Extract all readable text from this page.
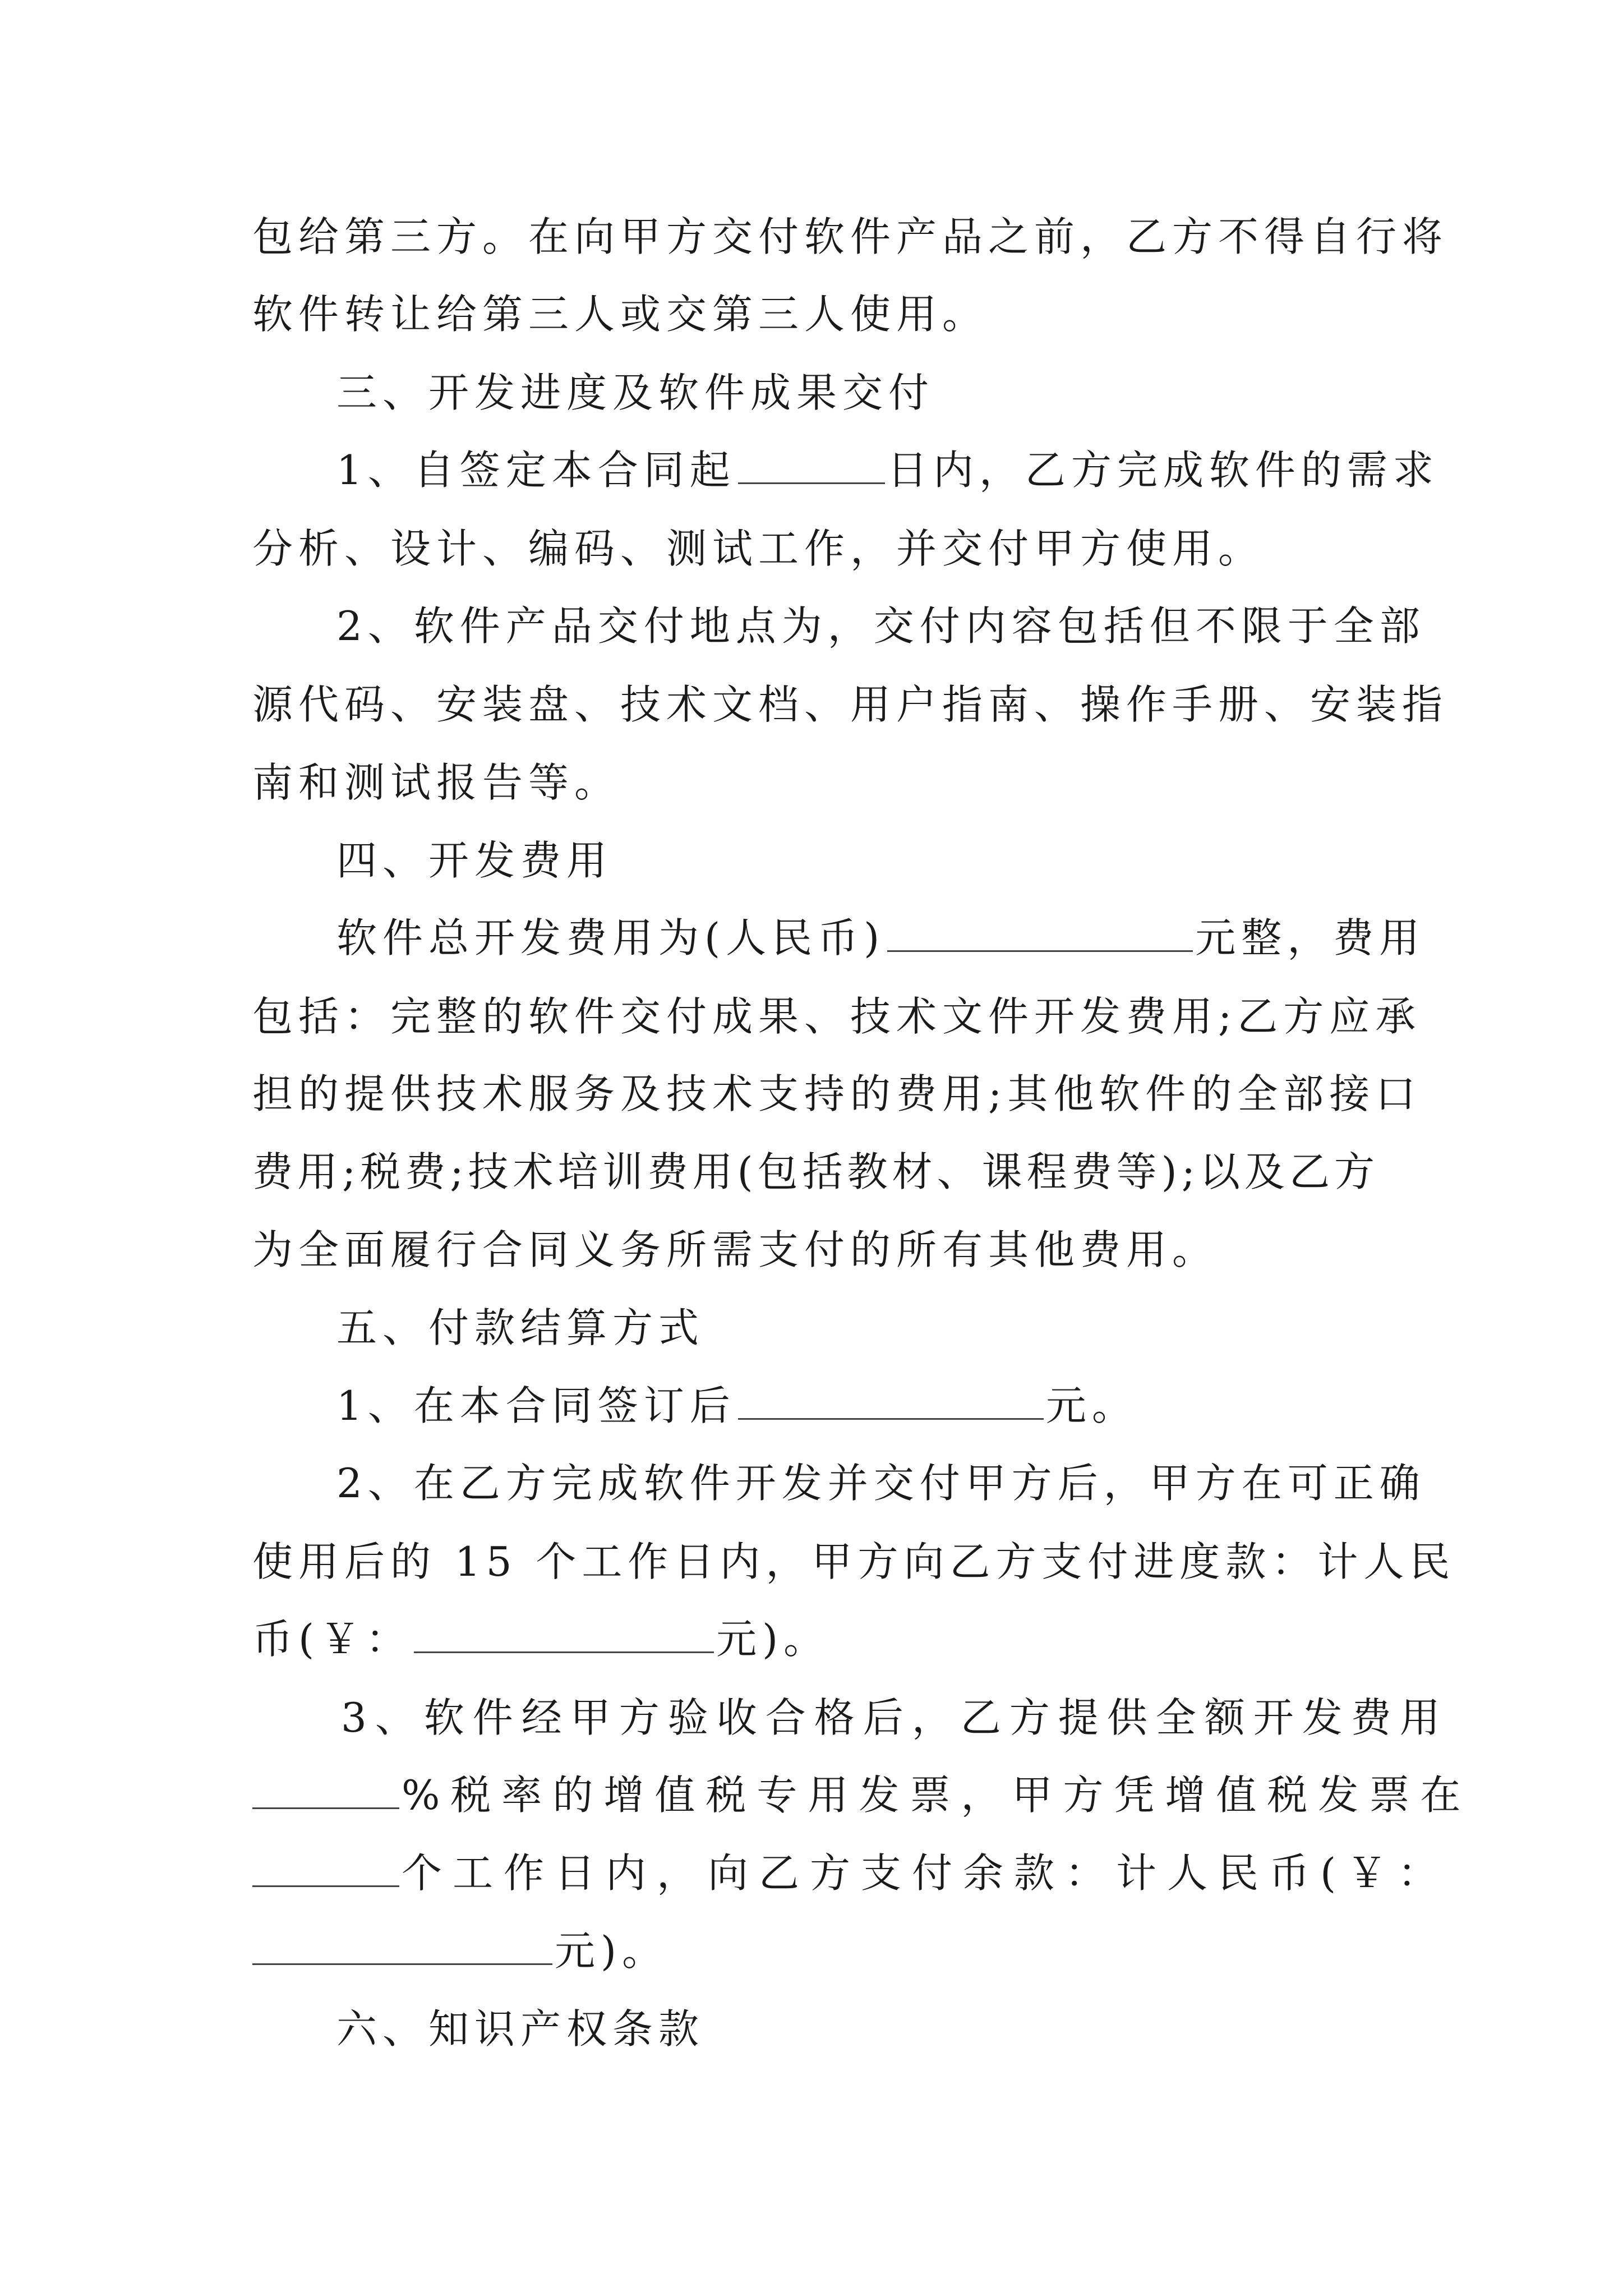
包给第三方。在向甲方交付软件产品之前，乙方不得自行将
软件转让给第三人或交第三人使用。
三、开发进度及软件成果交付
1、自签定本合同起	日内，乙方完成软件的需求
分析、设计、编码、测试工作，并交付甲方使用。
2、软件产品交付地点为，交付内容包括但不限于全部
源代码、安装盘、技术文档、用户指南、操作手册、安装指
南和测试报告等。
四、开发费用
软件总开发费用为(人民币)	元整，费用
包括：完整的软件交付成果、技术文件开发费用;乙方应承
担的提供技术服务及技术支持的费用;其他软件的全部接口
费用;税费;技术培训费用(包括教材、课程费等);以及乙方
为全面履行合同义务所需支付的所有其他费用。
五、付款结算方式
1、在本合同签订后	元。
2、在乙方完成软件开发并交付甲方后，甲方在可正确
使用后的 15 个工作日内，甲方向乙方支付进度款：计人民
币(￥：	元)。
3、软件经甲方验收合格后，乙方提供全额开发费用
%税率的增值税专用发票，甲方凭增值税发票在
个工作日内，向乙方支付余款：计人民币(￥：
元)。
六、知识产权条款
